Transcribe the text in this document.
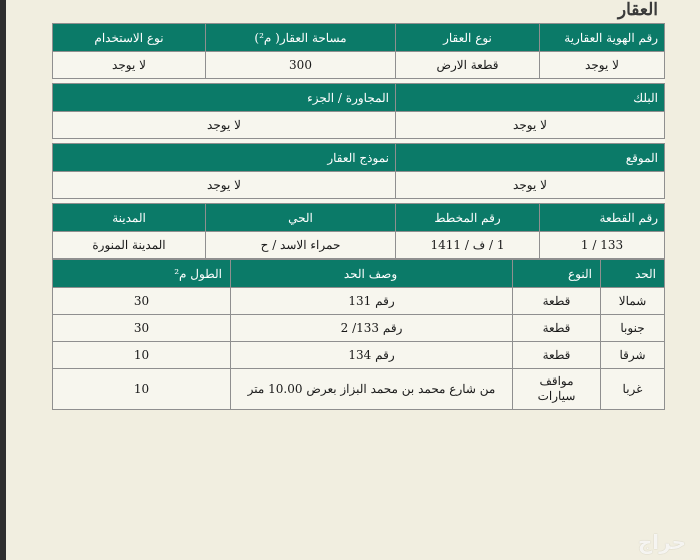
العقار
رقم الهوية العقارية	نوع العقار	مساحة العقار( م²)	نوع الاستخدام
لا يوجد	قطعة الارض	300	لا يوجد

البلك		المجاورة / الجزء	
لا يوجد		لا يوجد	

الموقع		نموذج العقار	
لا يوجد		لا يوجد	

رقم القطعة	رقم المخطط	الحي	المدينة
133 / 1	1 / ف / 1411	حمراء الاسد / ح	المدينة المنورة
الحد	النوع	وصف الحد	الطول م²
شمالا	قطعة	رقم 131	30
جنوبا	قطعة	رقم 133/ 2	30
شرقا	قطعة	رقم 134	10
غربا	مواقف سيارات	من شارع محمد بن محمد البزاز بعرض 10.00 متر	10
حراج
